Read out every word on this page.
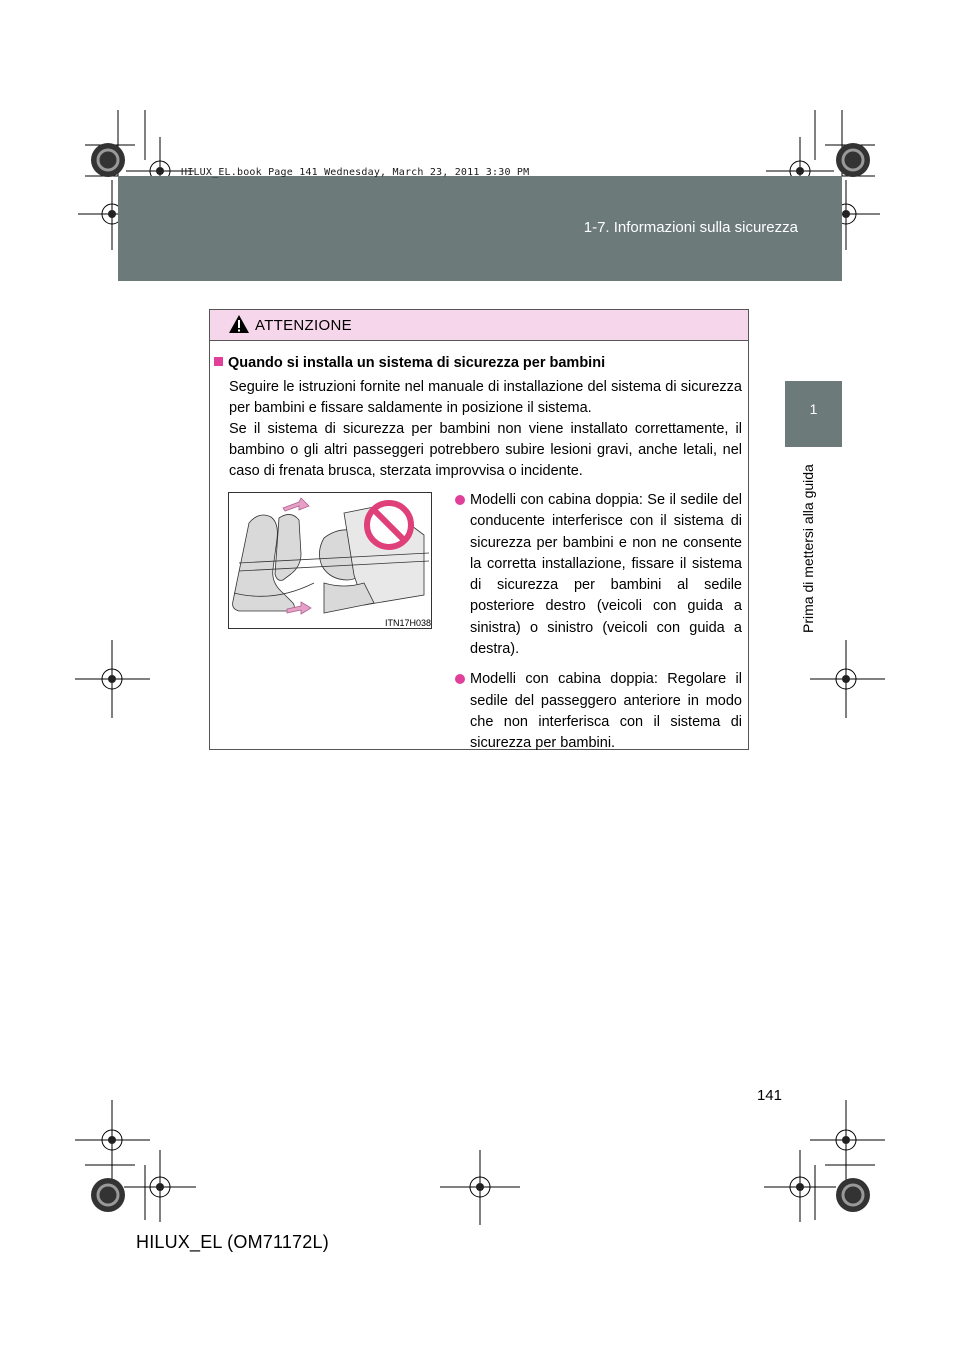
1-7. Informazioni sulla sicurezza
HILUX_EL.book Page 141 Wednesday, March 23, 2011 3:30 PM
1
Prima di mettersi alla guida
ATTENZIONE
Quando si installa un sistema di sicurezza per bambini

Seguire le istruzioni fornite nel manuale di installazione del sistema di sicurezza per bambini e fissare saldamente in posizione il sistema.

Se il sistema di sicurezza per bambini non viene installato correttamente, il bambino o gli altri passeggeri potrebbero subire lesioni gravi, anche letali, nel caso di frenata brusca, sterzata improvvisa o incidente.

ITN17H038
Modelli con cabina doppia: Se il sedile del conducente interferisce con il sistema di sicurezza per bambini e non ne consente la corretta installazione, fissare il sistema di sicurezza per bambini al sedile posteriore destro (veicoli con guida a sinistra) o sinistro (veicoli con guida a destra).
Modelli con cabina doppia: Regolare il sedile del passeggero anteriore in modo che non interferisca con il sistema di sicurezza per bambini.
141
HILUX_EL (OM71172L)
